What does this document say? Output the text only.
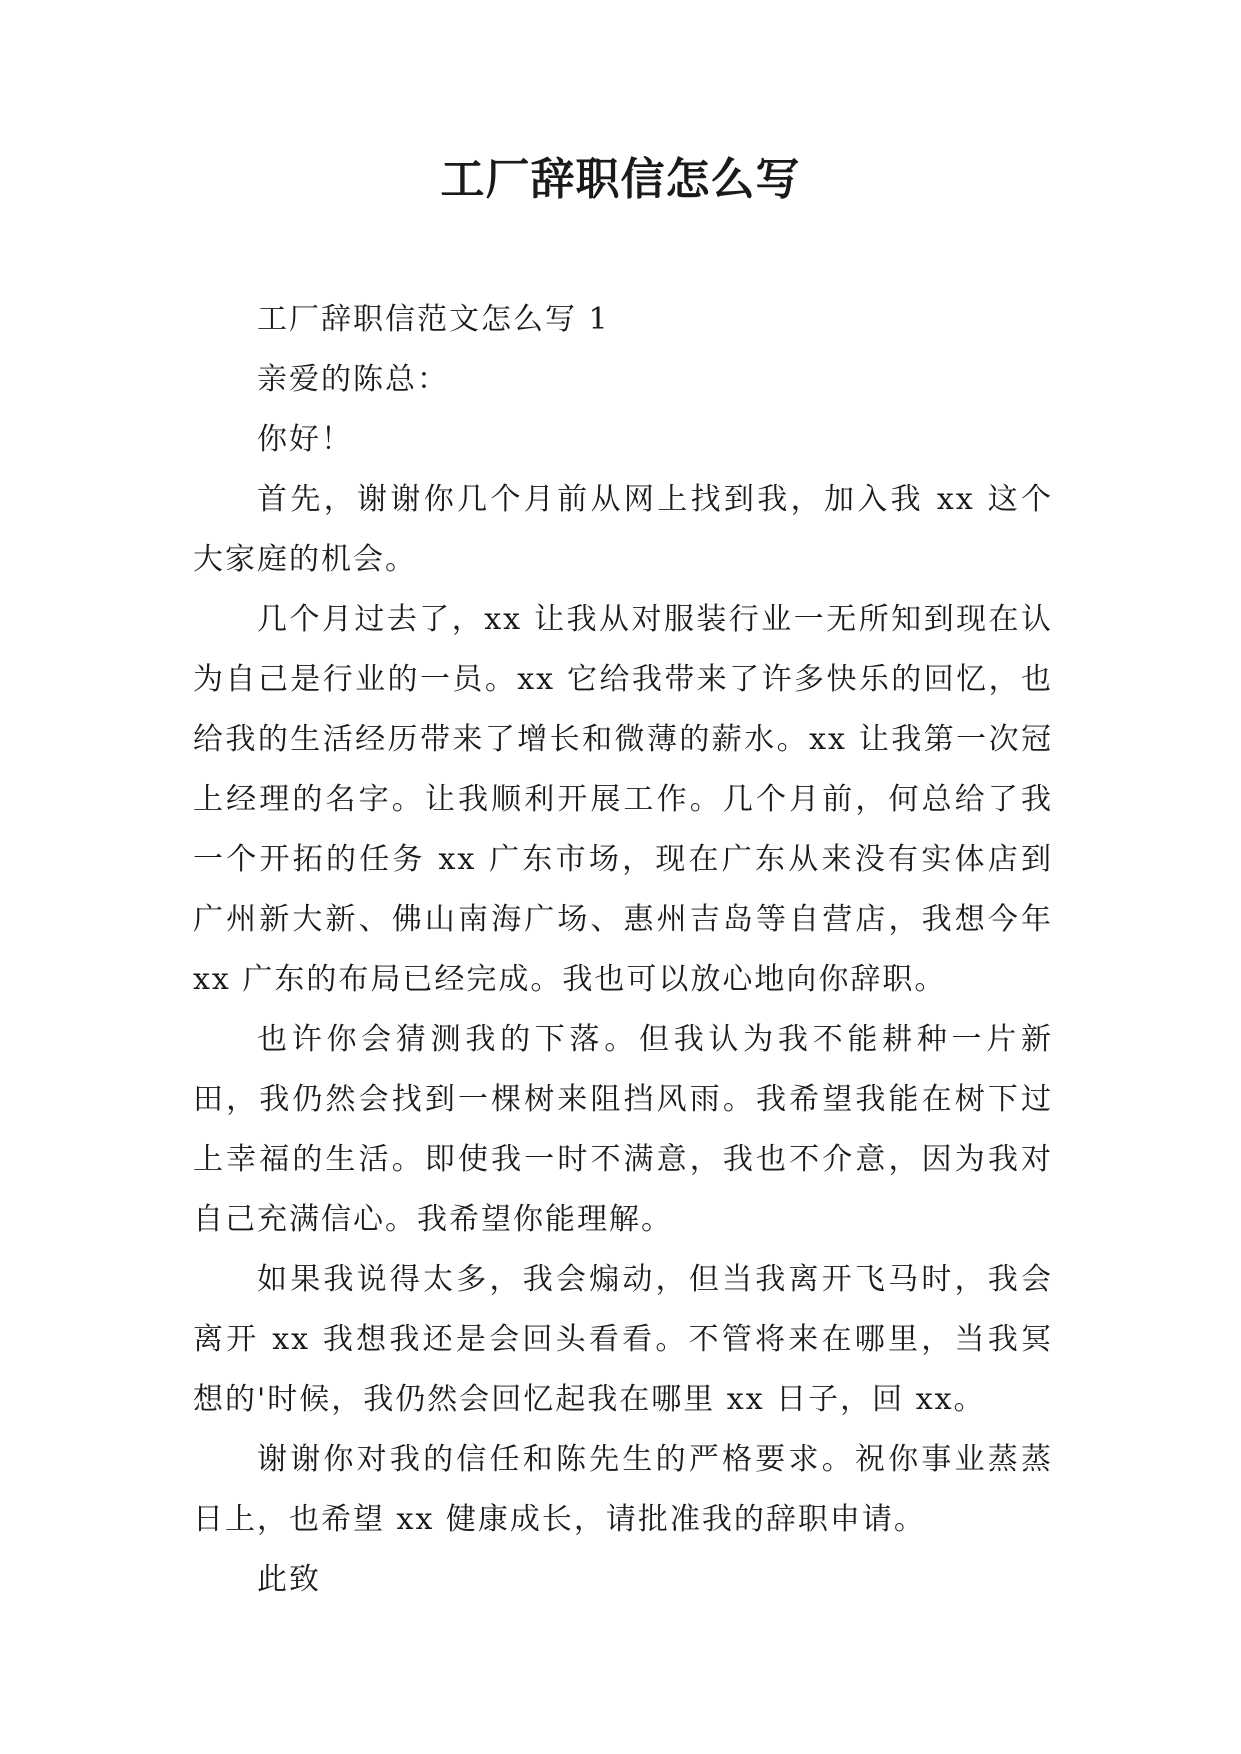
工厂辞职信怎么写

工厂辞职信范文怎么写 1

亲爱的陈总：

你好！

首先，谢谢你几个月前从网上找到我，加入我 xx 这个大家庭的机会。

几个月过去了，xx 让我从对服装行业一无所知到现在认为自己是行业的一员。xx 它给我带来了许多快乐的回忆，也给我的生活经历带来了增长和微薄的薪水。xx 让我第一次冠上经理的名字。让我顺利开展工作。几个月前，何总给了我一个开拓的任务 xx 广东市场，现在广东从来没有实体店到广州新大新、佛山南海广场、惠州吉岛等自营店，我想今年 xx 广东的布局已经完成。我也可以放心地向你辞职。

也许你会猜测我的下落。但我认为我不能耕种一片新田，我仍然会找到一棵树来阻挡风雨。我希望我能在树下过上幸福的生活。即使我一时不满意，我也不介意，因为我对自己充满信心。我希望你能理解。

如果我说得太多，我会煽动，但当我离开飞马时，我会离开 xx 我想我还是会回头看看。不管将来在哪里，当我冥想的'时候，我仍然会回忆起我在哪里 xx 日子，回 xx。

谢谢你对我的信任和陈先生的严格要求。祝你事业蒸蒸日上，也希望 xx 健康成长，请批准我的辞职申请。

此致
